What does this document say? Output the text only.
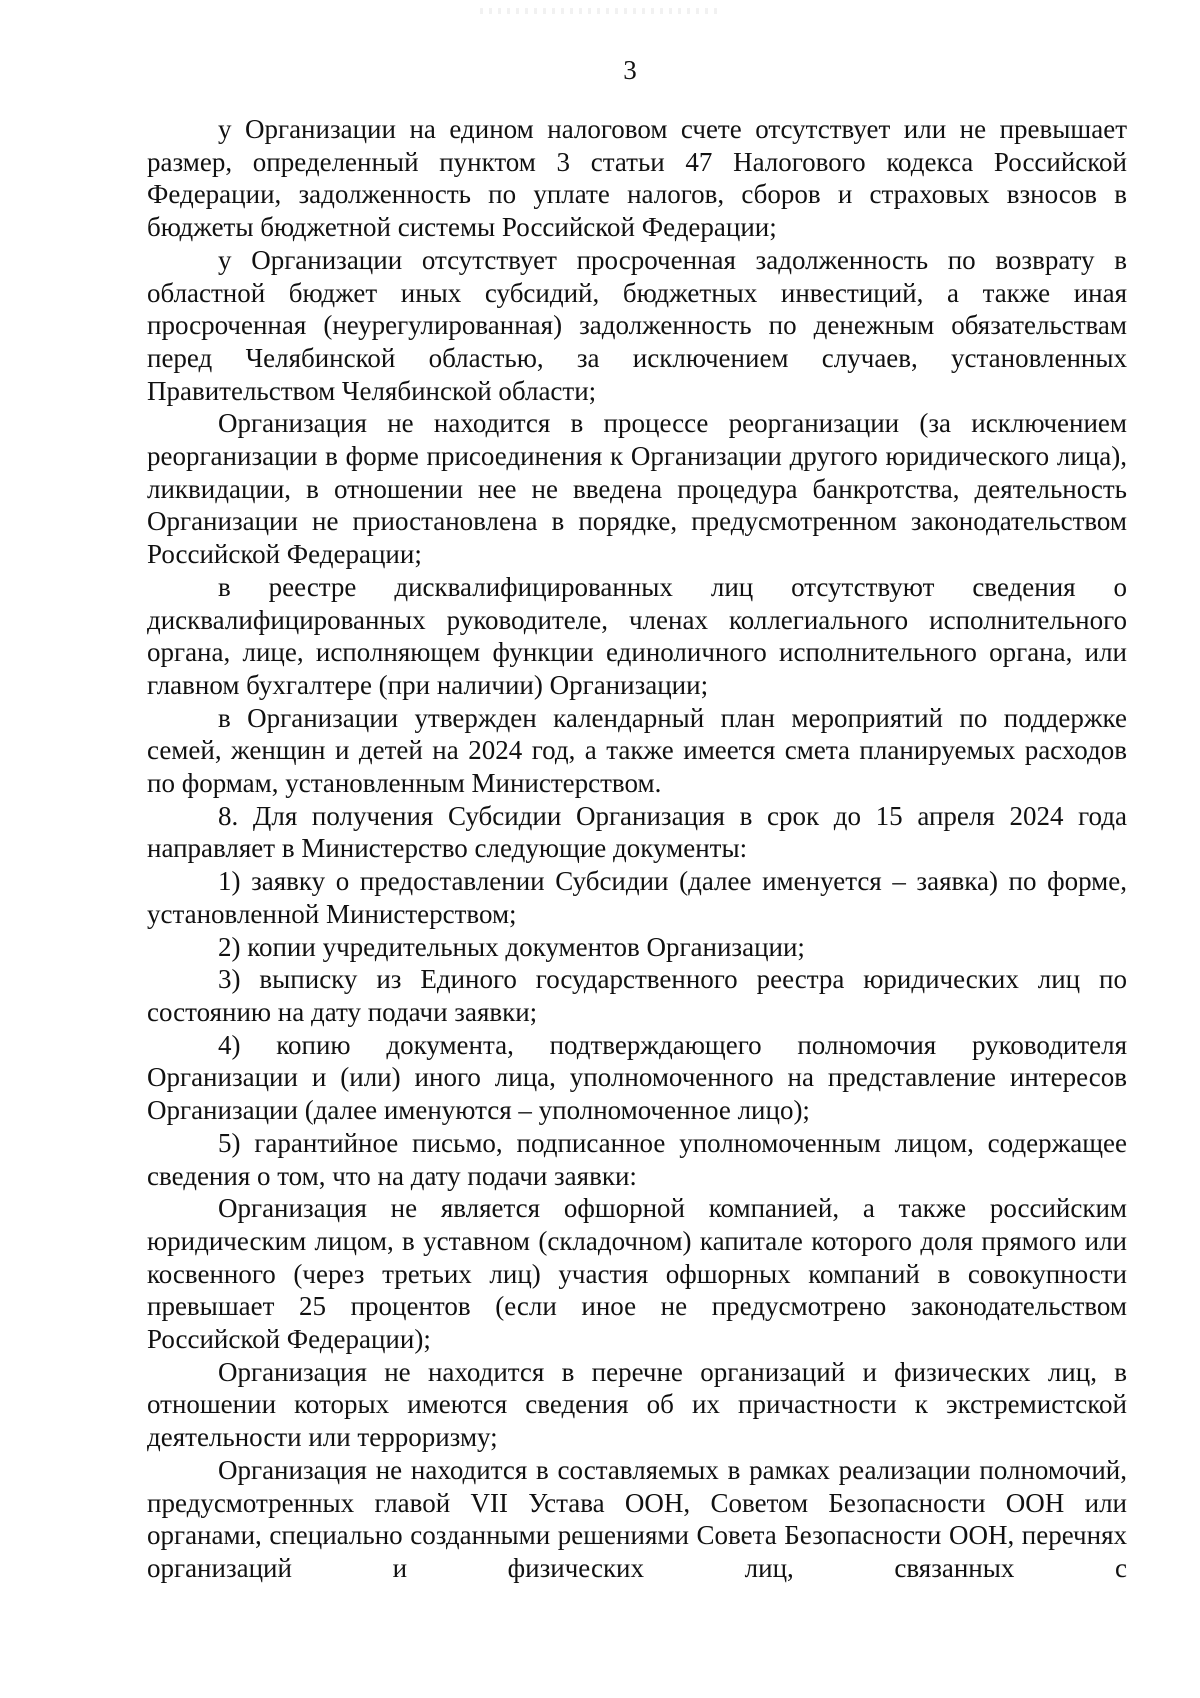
3

у Организации на едином налоговом счете отсутствует или не превышает размер, определенный пунктом 3 статьи 47 Налогового кодекса Российской Федерации, задолженность по уплате налогов, сборов и страховых взносов в бюджеты бюджетной системы Российской Федерации;

у Организации отсутствует просроченная задолженность по возврату в областной бюджет иных субсидий, бюджетных инвестиций, а также иная просроченная (неурегулированная) задолженность по денежным обязательствам перед Челябинской областью, за исключением случаев, установленных Правительством Челябинской области;

Организация не находится в процессе реорганизации (за исключением реорганизации в форме присоединения к Организации другого юридического лица), ликвидации, в отношении нее не введена процедура банкротства, деятельность Организации не приостановлена в порядке, предусмотренном законодательством Российской Федерации;

в реестре дисквалифицированных лиц отсутствуют сведения о дисквалифицированных руководителе, членах коллегиального исполнительного органа, лице, исполняющем функции единоличного исполнительного органа, или главном бухгалтере (при наличии) Организации;

в Организации утвержден календарный план мероприятий по поддержке семей, женщин и детей на 2024 год, а также имеется смета планируемых расходов по формам, установленным Министерством.

8. Для получения Субсидии Организация в срок до 15 апреля 2024 года направляет в Министерство следующие документы:

1) заявку о предоставлении Субсидии (далее именуется – заявка) по форме, установленной Министерством;

2) копии учредительных документов Организации;

3) выписку из Единого государственного реестра юридических лиц по состоянию на дату подачи заявки;

4) копию документа, подтверждающего полномочия руководителя Организации и (или) иного лица, уполномоченного на представление интересов Организации (далее именуются – уполномоченное лицо);

5) гарантийное письмо, подписанное уполномоченным лицом, содержащее сведения о том, что на дату подачи заявки:

Организация не является офшорной компанией, а также российским юридическим лицом, в уставном (складочном) капитале которого доля прямого или косвенного (через третьих лиц) участия офшорных компаний в совокупности превышает 25 процентов (если иное не предусмотрено законодательством Российской Федерации);

Организация не находится в перечне организаций и физических лиц, в отношении которых имеются сведения об их причастности к экстремистской деятельности или терроризму;

Организация не находится в составляемых в рамках реализации полномочий, предусмотренных главой VII Устава ООН, Советом Безопасности ООН или органами, специально созданными решениями Совета Безопасности ООН, перечнях организаций и физических лиц, связанных с
